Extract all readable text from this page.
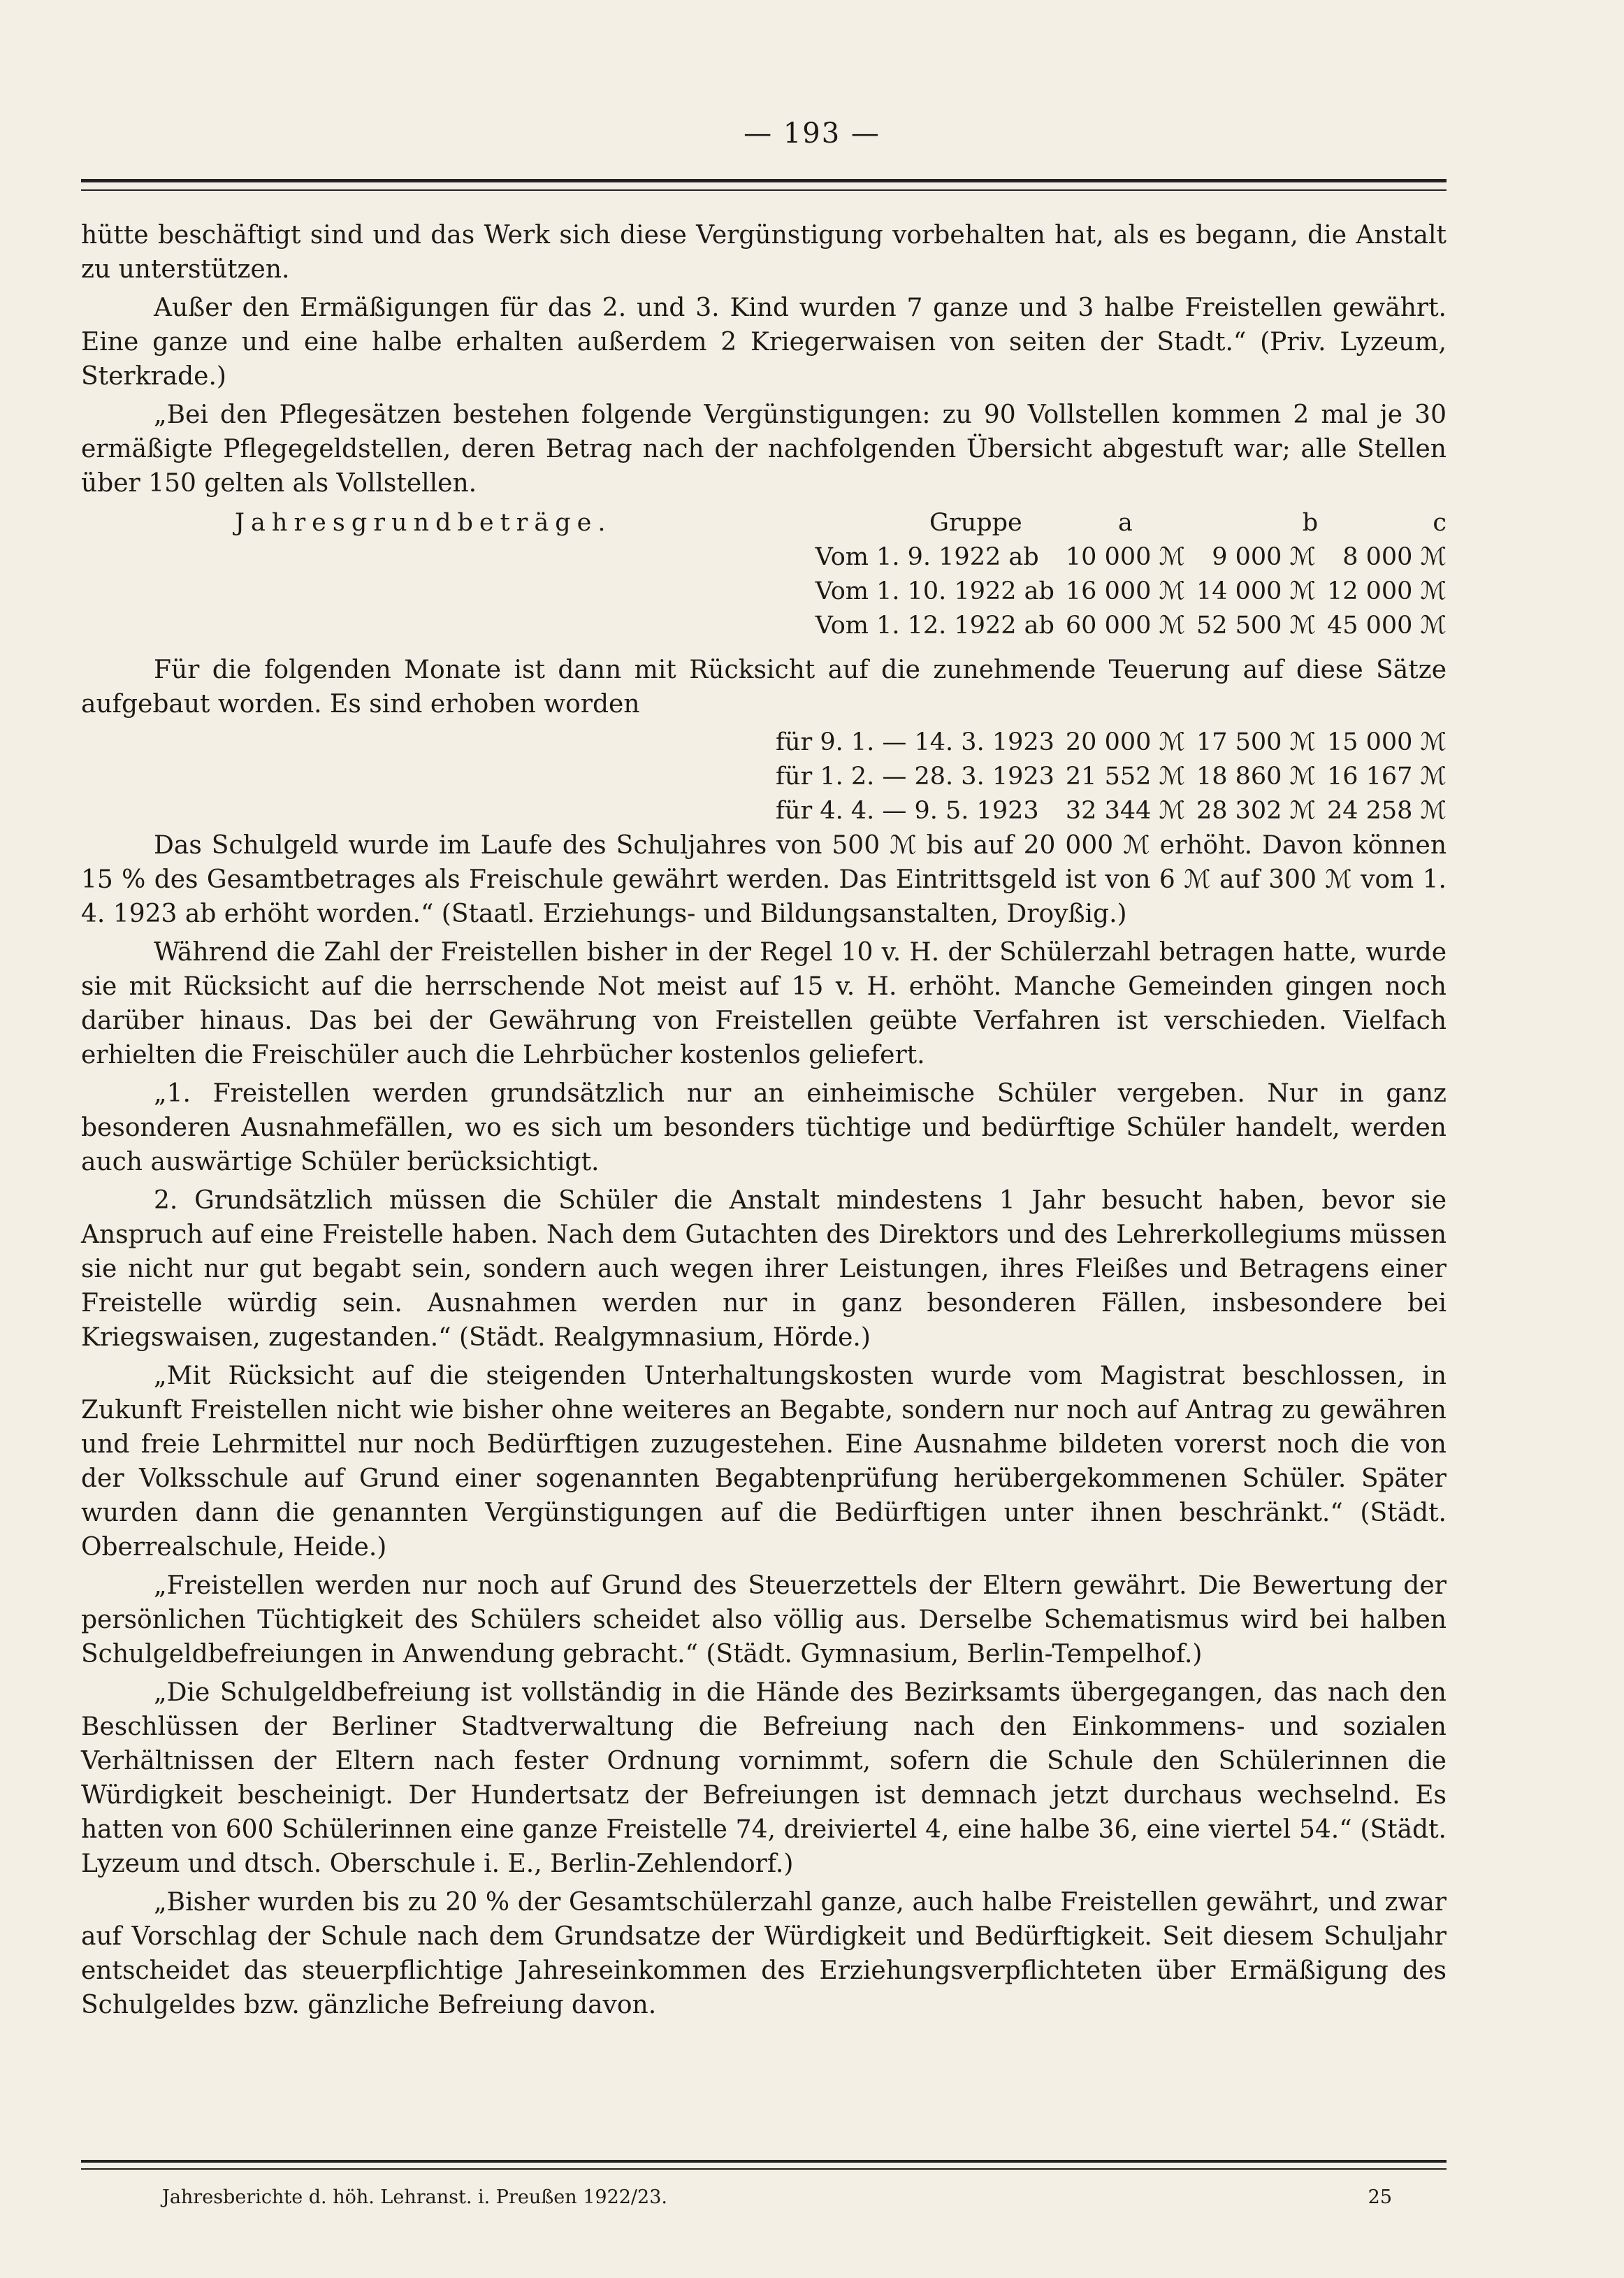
— 193 —

hütte beschäftigt sind und das Werk sich diese Vergünstigung vorbehalten hat, als es begann, die Anstalt zu unterstützen.

Außer den Ermäßigungen für das 2. und 3. Kind wurden 7 ganze und 3 halbe Freistellen gewährt. Eine ganze und eine halbe erhalten außerdem 2 Kriegerwaisen von seiten der Stadt.“ (Priv. Lyzeum, Sterkrade.)

„Bei den Pflegesätzen bestehen folgende Vergünstigungen: zu 90 Vollstellen kommen 2 mal je 30 ermäßigte Pflegegeldstellen, deren Betrag nach der nachfolgenden Übersicht abgestuft war; alle Stellen über 150 gelten als Vollstellen.

Jahresgrundbeträge.	Gruppe	a	b	c
Vom 1. 9. 1922 ab	10 000 ℳ	9 000 ℳ	8 000 ℳ
Vom 1. 10. 1922 ab	16 000 ℳ	14 000 ℳ	12 000 ℳ
Vom 1. 12. 1922 ab	60 000 ℳ	52 500 ℳ	45 000 ℳ

Für die folgenden Monate ist dann mit Rücksicht auf die zunehmende Teuerung auf diese Sätze aufgebaut worden. Es sind erhoben worden

für 9. 1. — 14. 3. 1923	20 000 ℳ	17 500 ℳ	15 000 ℳ
für 1. 2. — 28. 3. 1923	21 552 ℳ	18 860 ℳ	16 167 ℳ
für 4. 4. — 9. 5. 1923	32 344 ℳ	28 302 ℳ	24 258 ℳ

Das Schulgeld wurde im Laufe des Schuljahres von 500 ℳ bis auf 20 000 ℳ erhöht. Davon können 15 % des Gesamtbetrages als Freischule gewährt werden. Das Eintrittsgeld ist von 6 ℳ auf 300 ℳ vom 1. 4. 1923 ab erhöht worden.“ (Staatl. Erziehungs- und Bildungsanstalten, Droyßig.)

Während die Zahl der Freistellen bisher in der Regel 10 v. H. der Schülerzahl betragen hatte, wurde sie mit Rücksicht auf die herrschende Not meist auf 15 v. H. erhöht. Manche Gemeinden gingen noch darüber hinaus. Das bei der Gewährung von Freistellen geübte Verfahren ist verschieden. Vielfach erhielten die Freischüler auch die Lehrbücher kostenlos geliefert.

„1. Freistellen werden grundsätzlich nur an einheimische Schüler vergeben. Nur in ganz besonderen Ausnahmefällen, wo es sich um besonders tüchtige und bedürftige Schüler handelt, werden auch auswärtige Schüler berücksichtigt.

2. Grundsätzlich müssen die Schüler die Anstalt mindestens 1 Jahr besucht haben, bevor sie Anspruch auf eine Freistelle haben. Nach dem Gutachten des Direktors und des Lehrerkollegiums müssen sie nicht nur gut begabt sein, sondern auch wegen ihrer Leistungen, ihres Fleißes und Betragens einer Freistelle würdig sein. Ausnahmen werden nur in ganz besonderen Fällen, insbesondere bei Kriegswaisen, zugestanden.“ (Städt. Realgymnasium, Hörde.)

„Mit Rücksicht auf die steigenden Unterhaltungskosten wurde vom Magistrat beschlossen, in Zukunft Freistellen nicht wie bisher ohne weiteres an Begabte, sondern nur noch auf Antrag zu gewähren und freie Lehrmittel nur noch Bedürftigen zuzugestehen. Eine Ausnahme bildeten vorerst noch die von der Volksschule auf Grund einer sogenannten Begabtenprüfung herübergekommenen Schüler. Später wurden dann die genannten Vergünstigungen auf die Bedürftigen unter ihnen beschränkt.“ (Städt. Oberrealschule, Heide.)

„Freistellen werden nur noch auf Grund des Steuerzettels der Eltern gewährt. Die Bewertung der persönlichen Tüchtigkeit des Schülers scheidet also völlig aus. Derselbe Schematismus wird bei halben Schulgeldbefreiungen in Anwendung gebracht.“ (Städt. Gymnasium, Berlin-Tempelhof.)

„Die Schulgeldbefreiung ist vollständig in die Hände des Bezirksamts übergegangen, das nach den Beschlüssen der Berliner Stadtverwaltung die Befreiung nach den Einkommens- und sozialen Verhältnissen der Eltern nach fester Ordnung vornimmt, sofern die Schule den Schülerinnen die Würdigkeit bescheinigt. Der Hundertsatz der Befreiungen ist demnach jetzt durchaus wechselnd. Es hatten von 600 Schülerinnen eine ganze Freistelle 74, dreiviertel 4, eine halbe 36, eine viertel 54.“ (Städt. Lyzeum und dtsch. Oberschule i. E., Berlin-Zehlendorf.)

„Bisher wurden bis zu 20 % der Gesamtschülerzahl ganze, auch halbe Freistellen gewährt, und zwar auf Vorschlag der Schule nach dem Grundsatze der Würdigkeit und Bedürftigkeit. Seit diesem Schuljahr entscheidet das steuerpflichtige Jahreseinkommen des Erziehungsverpflichteten über Ermäßigung des Schulgeldes bzw. gänzliche Befreiung davon.

Jahresberichte d. höh. Lehranst. i. Preußen 1922/23.	25
